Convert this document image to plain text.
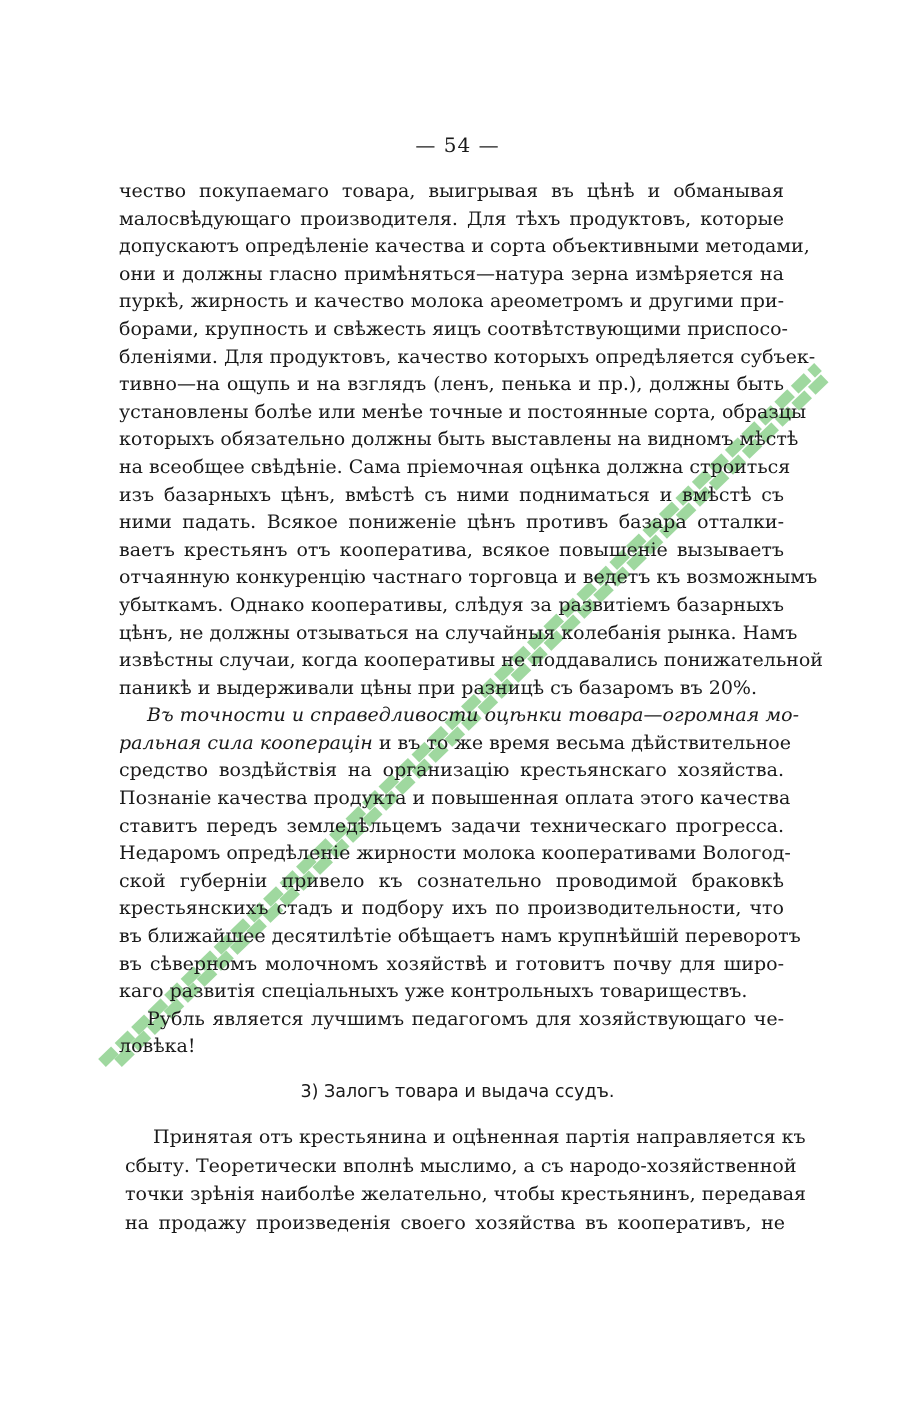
— 54 —
чество покупаемаго товара, выигрывая въ цѣнѣ и обманывая
малосвѣдующаго производителя. Для тѣхъ продуктовъ, которые
допускаютъ опредѣленіе качества и сорта объективными методами,
они и должны гласно примѣняться—натура зерна измѣряется на
пуркѣ, жирность и качество молока ареометромъ и другими при-
борами, крупность и свѣжесть яицъ соотвѣтствующими приспосо-
бленіями. Для продуктовъ, качество которыхъ опредѣляется субъек-
тивно—на ощупь и на взглядъ (ленъ, пенька и пр.), должны быть
установлены болѣе или менѣе точные и постоянные сорта, образцы
которыхъ обязательно должны быть выставлены на видномъ мѣстѣ
на всеобщее свѣдѣніе. Сама пріемочная оцѣнка должна строиться
изъ базарныхъ цѣнъ, вмѣстѣ съ ними подниматься и вмѣстѣ съ
ними падать. Всякое пониженіе цѣнъ противъ базара отталки-
ваетъ крестьянъ отъ кооператива, всякое повышеніе вызываетъ
отчаянную конкуренцію частнаго торговца и ведетъ къ возможнымъ
убыткамъ. Однако кооперативы, слѣдуя за развитіемъ базарныхъ
цѣнъ, не должны отзываться на случайныя колебанія рынка. Намъ
извѣстны случаи, когда кооперативы не поддавались понижательной
паникѣ и выдерживали цѣны при разницѣ съ базаромъ въ 20%.
Въ точности и справедливости оцѣнки товара—огромная мо-
ральная сила кооперацін и въ то же время весьма дѣйствительное
средство воздѣйствія на организацію крестьянскаго хозяйства.
Познаніе качества продукта и повышенная оплата этого качества
ставитъ передъ земледѣльцемъ задачи техническаго прогресса.
Недаромъ опредѣленіе жирности молока кооперативами Вологод-
ской губерніи привело къ сознательно проводимой браковкѣ
крестьянскихъ стадъ и подбору ихъ по производительности, что
въ ближайшее десятилѣтіе обѣщаетъ намъ крупнѣйшій переворотъ
въ сѣверномъ молочномъ хозяйствѣ и готовитъ почву для широ-
каго развитія спеціальныхъ уже контрольныхъ товариществъ.
Рубль является лучшимъ педагогомъ для хозяйствующаго че-
ловѣка!
3) Залогъ товара и выдача ссудъ.
Принятая отъ крестьянина и оцѣненная партія направляется къ
сбыту. Теоретически вполнѣ мыслимо, а съ народо-хозяйственной
точки зрѣнія наиболѣе желательно, чтобы крестьянинъ, передавая
на продажу произведенія своего хозяйства въ кооперативъ, не
